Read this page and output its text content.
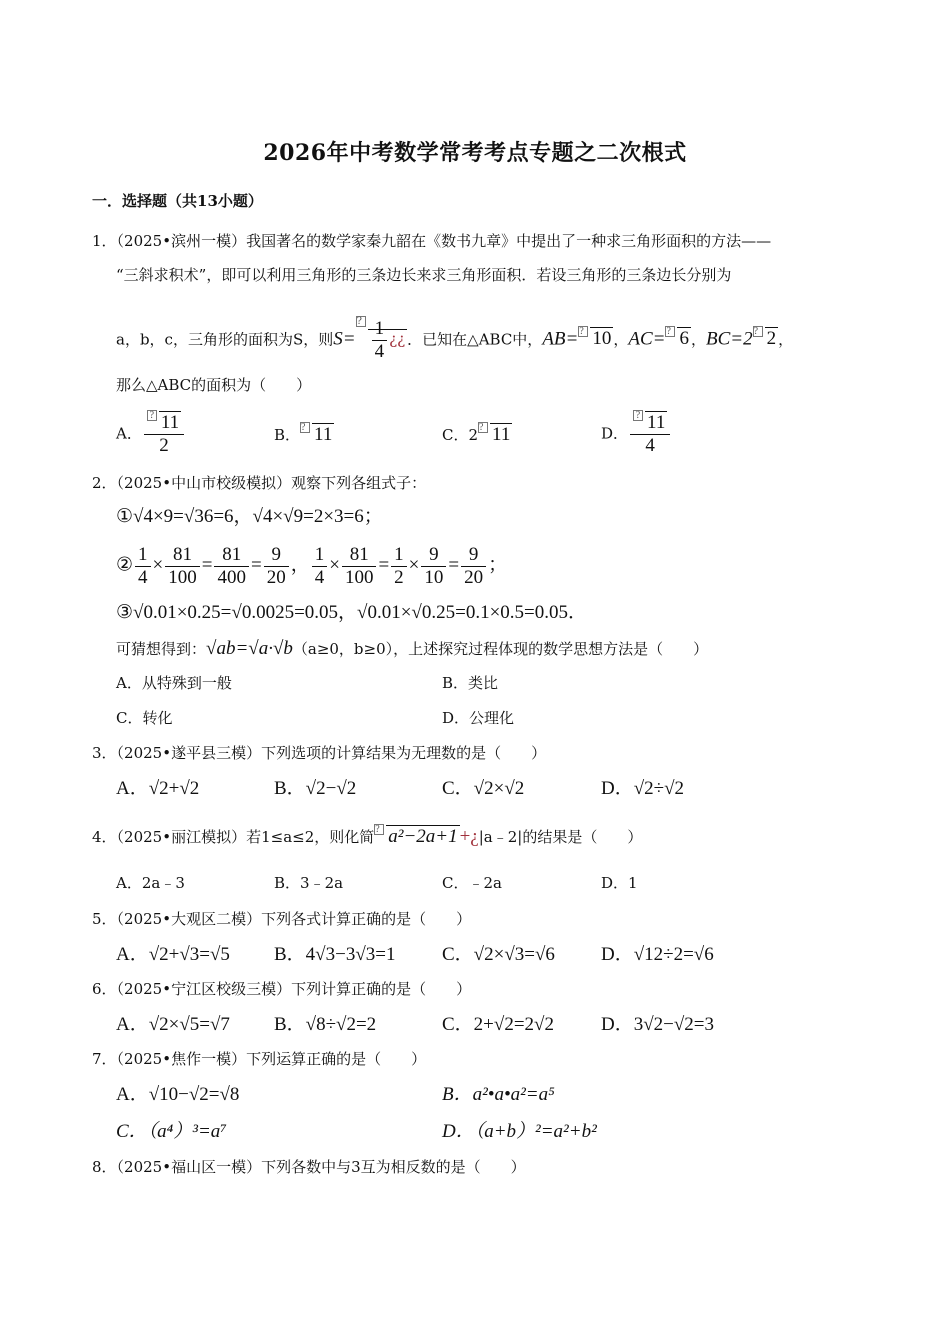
2026年中考数学常考考点专题之二次根式
一．选择题（共13小题）
1．（2025•滨州一模）我国著名的数学家秦九韶在《数书九章》中提出了一种求三角形面积的方法——
“三斜求积术”，即可以利用三角形的三条边长来求三角形面积．若设三角形的三条边长分别为
a，b，c，三角形的面积为S，则S=
? $\frac{1}{4}$ ¿¿ ．已知在△ABC中，AB= ? 10 ，AC= ? 6 ，BC=2 ? 2 ，
那么△ABC的面积为（　　）
A． $\frac{? 11}{2}$	B． ? 11	C．2 ? 11	D． $\frac{? 11}{4}$
2．（2025•中山市校级模拟）观察下列各组式子：
①√4×9=√36=6，√4×√9=2×3=6；
② $\frac{1}{4} \times \frac{81}{100} = \frac{81}{400} = \frac{9}{20}$ ， $\frac{1}{4} \times \frac{81}{100} = \frac{1}{2} \times \frac{9}{10} = \frac{9}{20}$ ；
③√0.01×0.25=√0.0025=0.05，√0.01×√0.25=0.1×0.5=0.05．
可猜想得到：√ab=√a·√b（a≥0，b≥0），上述探究过程体现的数学思想方法是（　　）
A．从特殊到一般	B．类比
C．转化	D．公理化
3．（2025•遂平县三模）下列选项的计算结果为无理数的是（　　）
A．√2+√2	B．√2−√2	C．√2×√2	D．√2÷√2
4．（2025•丽江模拟）若1≤a≤2，则化简 ? a²−2a+1 +¿|a﹣2|的结果是（　　）
A．2a﹣3	B．3﹣2a	C．﹣2a	D．1
5．（2025•大观区二模）下列各式计算正确的是（　　）
A．√2+√3=√5 B．4√3−3√3=1 C．√2×√3=√6 D．√12÷2=√6
6．（2025•宁江区校级三模）下列计算正确的是（　　）
A．√2×√5=√7 B．√8÷√2=2	C．2+√2=2√2 D．3√2−√2=3
7．（2025•焦作一模）下列运算正确的是（　　）
A．√10−√2=√8	B．a²•a•a²=a⁵
C．（a⁴）³=a⁷	D．（a+b）²=a²+b²
8．（2025•福山区一模）下列各数中与3互为相反数的是（　　）
